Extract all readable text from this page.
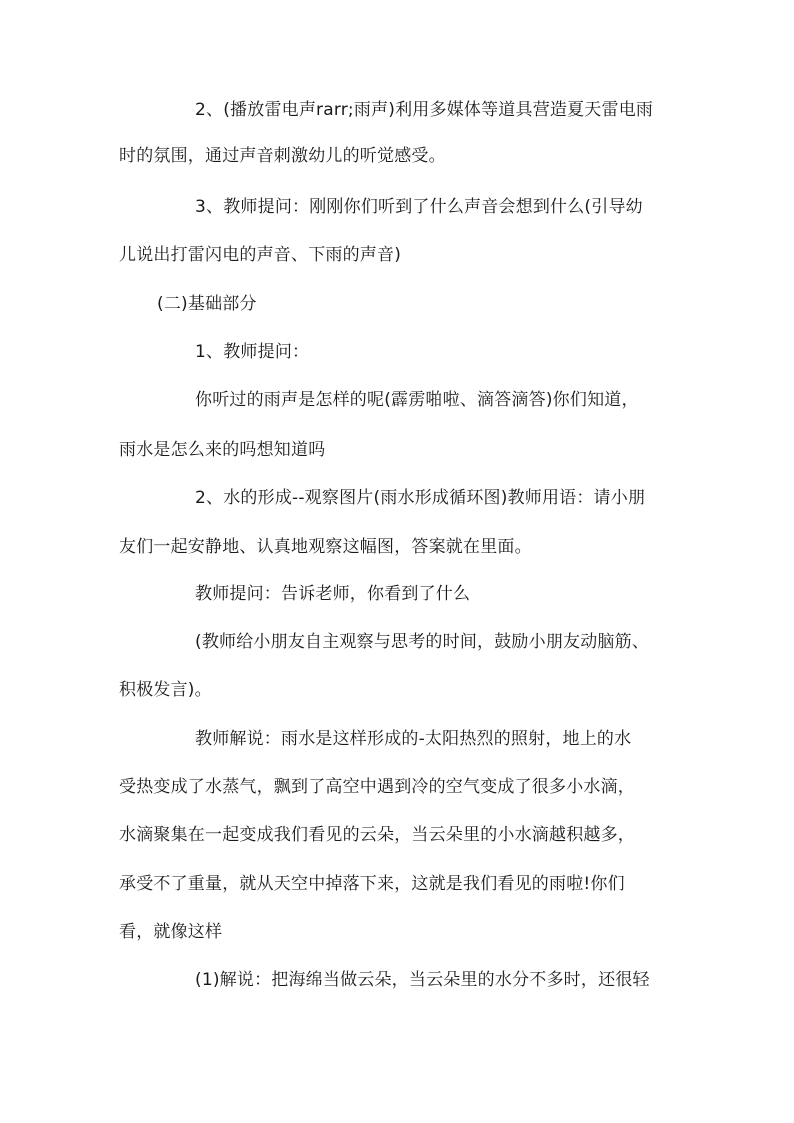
2、(播放雷电声rarr;雨声)利用多媒体等道具营造夏天雷电雨
时的氛围，通过声音刺激幼儿的听觉感受。
3、教师提问：刚刚你们听到了什么声音会想到什么(引导幼
儿说出打雷闪电的声音、下雨的声音)
(二)基础部分
1、教师提问：
你听过的雨声是怎样的呢(霹雳啪啦、滴答滴答)你们知道，
雨水是怎么来的吗想知道吗
2、水的形成--观察图片(雨水形成循环图)教师用语：请小朋
友们一起安静地、认真地观察这幅图，答案就在里面。
教师提问：告诉老师，你看到了什么
(教师给小朋友自主观察与思考的时间，鼓励小朋友动脑筋、
积极发言)。
教师解说：雨水是这样形成的-太阳热烈的照射，地上的水
受热变成了水蒸气，飘到了高空中遇到冷的空气变成了很多小水滴，
水滴聚集在一起变成我们看见的云朵，当云朵里的小水滴越积越多，
承受不了重量，就从天空中掉落下来，这就是我们看见的雨啦!你们
看，就像这样
(1)解说：把海绵当做云朵，当云朵里的水分不多时，还很轻
